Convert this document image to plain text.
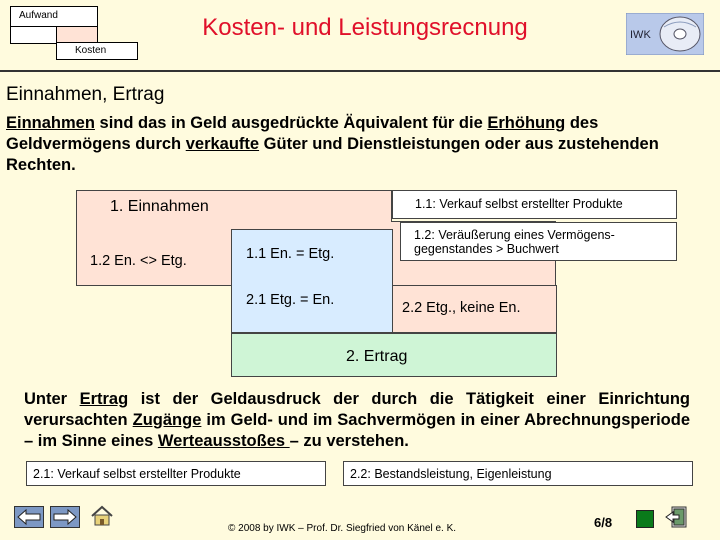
Aufwand
Kosten
Kosten- und Leistungsrecnung	IWK
Einnahmen, Ertrag
Einnahmen sind das in Geld ausgedrückte Äquivalent für die Erhöhung des Geldvermögens durch verkaufte Güter und Dienstleistungen oder aus zustehenden Rechten.
1. Einnahmen	1.1: Verkauf selbst erstellter Produkte
1.2: Veräußerung eines Vermögens-gegenstandes > Buchwert
1.2 En. <> Etg.	1.1 En. = Etg.
2.1 Etg. = En.	2.2 Etg., keine En.
2. Ertrag
Unter Ertrag ist der Geldausdruck der durch die Tätigkeit einer Einrichtung verursachten Zugänge im Geld- und im Sachvermögen in einer Abrechnungsperiode – im Sinne eines Werteausstoßes – zu verstehen.
2.1: Verkauf selbst erstellter Produkte	2.2: Bestandsleistung, Eigenleistung
© 2008 by IWK – Prof. Dr. Siegfried von Känel e. K.	6/8
